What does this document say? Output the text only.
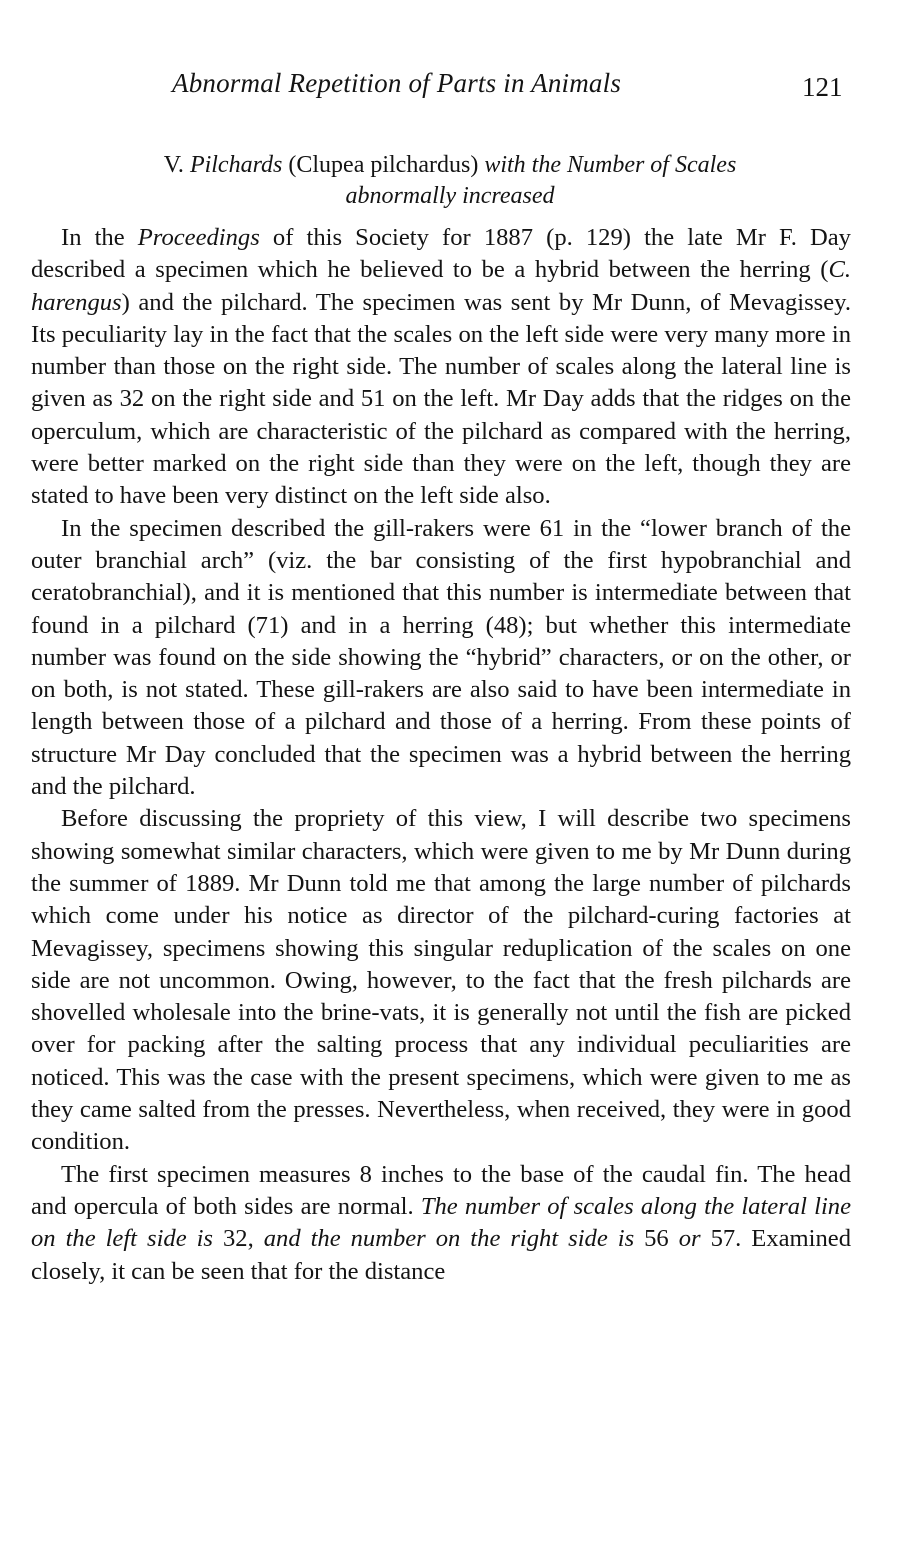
Abnormal Repetition of Parts in Animals	121
V. Pilchards (Clupea pilchardus) with the Number of Scales
abnormally increased

In the Proceedings of this Society for 1887 (p. 129) the late Mr F. Day described a specimen which he believed to be a hybrid between the herring (C. harengus) and the pilchard. The specimen was sent by Mr Dunn, of Mevagissey. Its peculiarity lay in the fact that the scales on the left side were very many more in number than those on the right side. The number of scales along the lateral line is given as 32 on the right side and 51 on the left. Mr Day adds that the ridges on the operculum, which are characteristic of the pilchard as compared with the herring, were better marked on the right side than they were on the left, though they are stated to have been very distinct on the left side also.

In the specimen described the gill-rakers were 61 in the “lower branch of the outer branchial arch” (viz. the bar consisting of the first hypobranchial and ceratobranchial), and it is mentioned that this number is intermediate between that found in a pilchard (71) and in a herring (48); but whether this intermediate number was found on the side showing the “hybrid” characters, or on the other, or on both, is not stated. These gill-rakers are also said to have been intermediate in length between those of a pilchard and those of a herring. From these points of structure Mr Day concluded that the specimen was a hybrid between the herring and the pilchard.

Before discussing the propriety of this view, I will describe two specimens showing somewhat similar characters, which were given to me by Mr Dunn during the summer of 1889. Mr Dunn told me that among the large number of pilchards which come under his notice as director of the pilchard-curing factories at Mevagissey, specimens showing this singular reduplication of the scales on one side are not uncommon. Owing, however, to the fact that the fresh pilchards are shovelled wholesale into the brine-vats, it is generally not until the fish are picked over for packing after the salting process that any individual peculiarities are noticed. This was the case with the present specimens, which were given to me as they came salted from the presses. Nevertheless, when received, they were in good condition.

The first specimen measures 8 inches to the base of the caudal fin. The head and opercula of both sides are normal. The number of scales along the lateral line on the left side is 32, and the number on the right side is 56 or 57. Examined closely, it can be seen that for the distance
